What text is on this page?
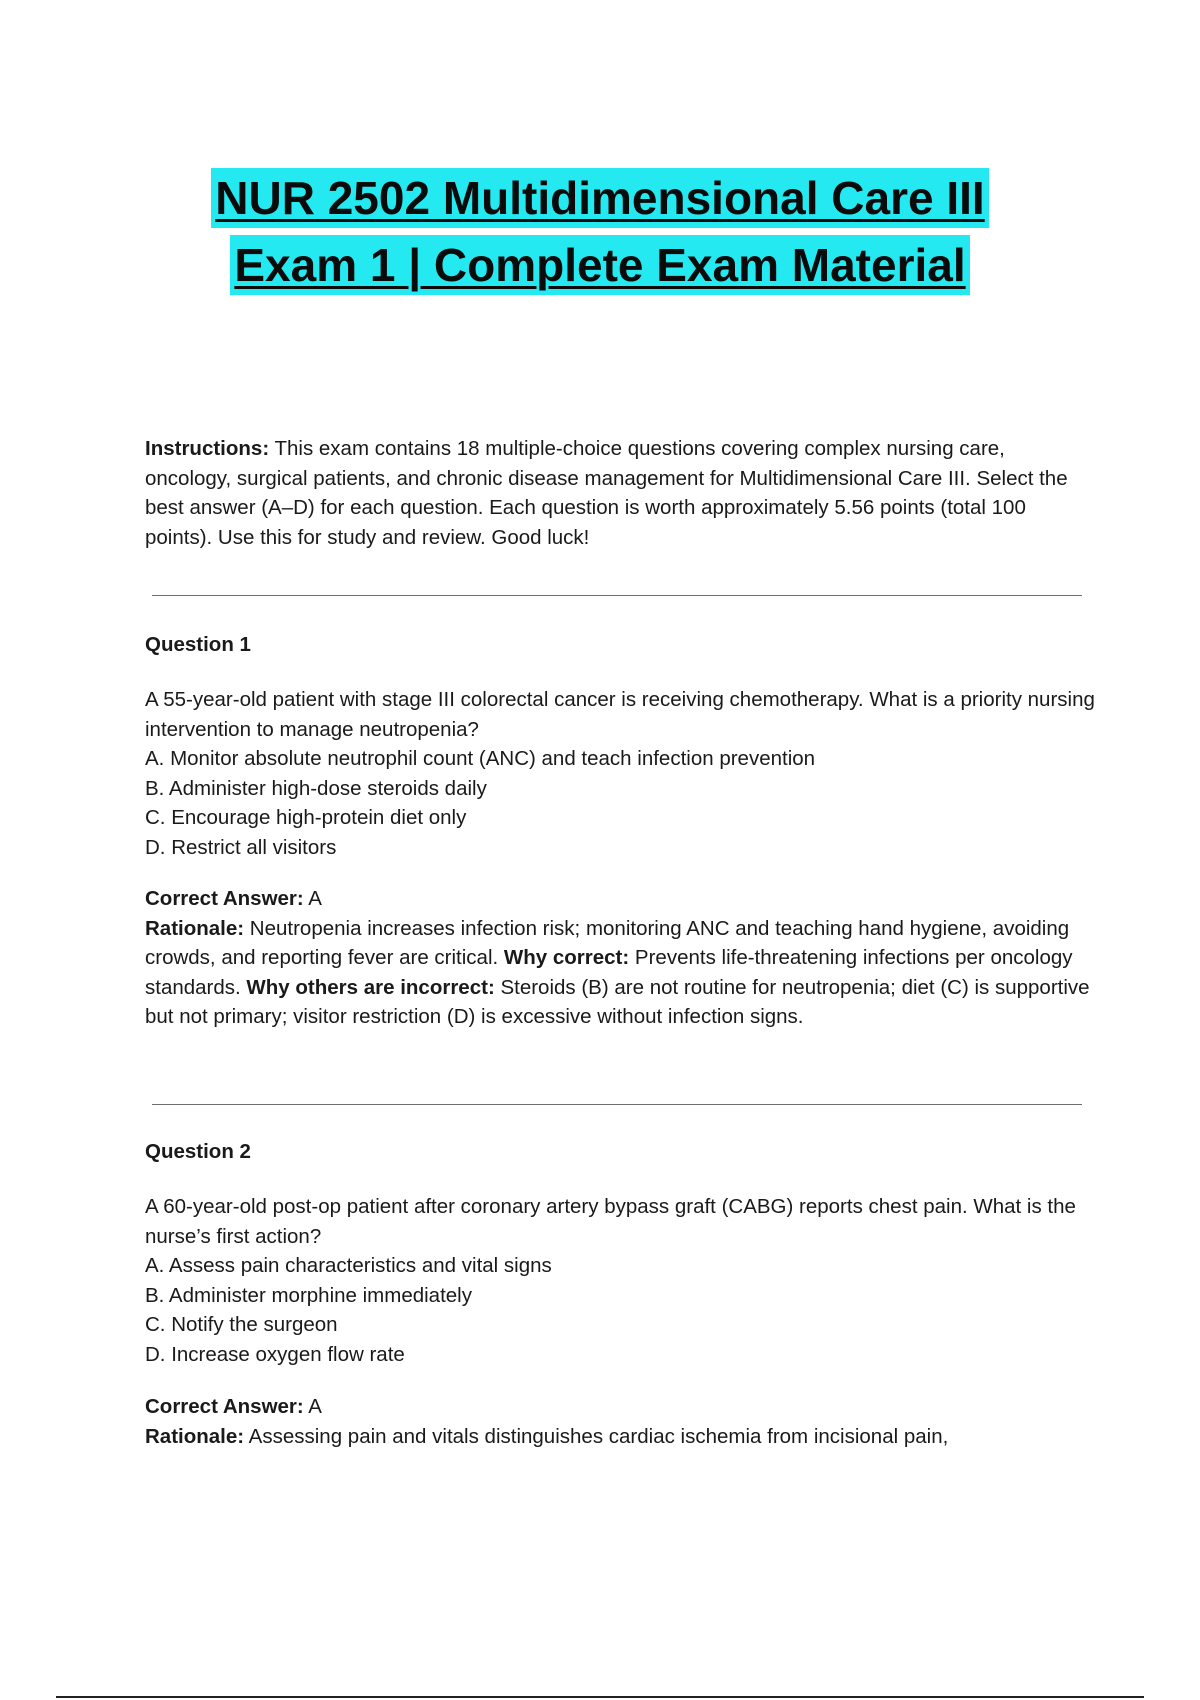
NUR 2502 Multidimensional Care III
Exam 1 | Complete Exam Material

Instructions: This exam contains 18 multiple-choice questions covering complex nursing care, oncology, surgical patients, and chronic disease management for Multidimensional Care III. Select the best answer (A–D) for each question. Each question is worth approximately 5.56 points (total 100 points). Use this for study and review. Good luck!

Question 1

A 55-year-old patient with stage III colorectal cancer is receiving chemotherapy. What is a priority nursing intervention to manage neutropenia?

A. Monitor absolute neutrophil count (ANC) and teach infection prevention
B. Administer high-dose steroids daily
C. Encourage high-protein diet only
D. Restrict all visitors

Correct Answer: A

Rationale: Neutropenia increases infection risk; monitoring ANC and teaching hand hygiene, avoiding crowds, and reporting fever are critical. Why correct: Prevents life-threatening infections per oncology standards. Why others are incorrect: Steroids (B) are not routine for neutropenia; diet (C) is supportive but not primary; visitor restriction (D) is excessive without infection signs.

Question 2

A 60-year-old post-op patient after coronary artery bypass graft (CABG) reports chest pain. What is the nurse’s first action?

A. Assess pain characteristics and vital signs
B. Administer morphine immediately
C. Notify the surgeon
D. Increase oxygen flow rate

Correct Answer: A

Rationale: Assessing pain and vitals distinguishes cardiac ischemia from incisional pain,
